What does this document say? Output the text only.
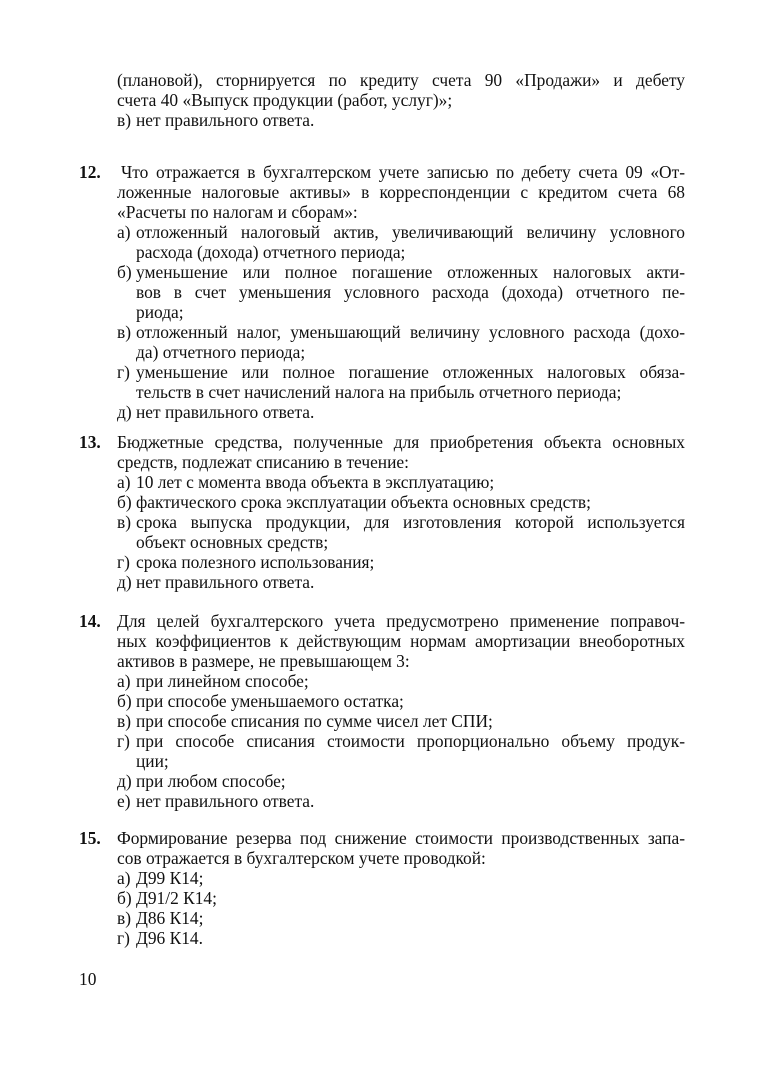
(плановой), сторнируется по кредиту счета 90 «Продажи» и дебету
счета 40 «Выпуск продукции (работ, услуг)»;
в) нет правильного ответа.
12. Что отражается в бухгалтерском учете записью по дебету счета 09 «От-
ложенные налоговые активы» в корреспонденции с кредитом счета 68
«Расчеты по налогам и сборам»:
а) отложенный налоговый актив, увеличивающий величину условного
расхода (дохода) отчетного периода;
б) уменьшение или полное погашение отложенных налоговых акти-
вов в счет уменьшения условного расхода (дохода) отчетного пе-
риода;
в) отложенный налог, уменьшающий величину условного расхода (дохо-
да) отчетного периода;
г) уменьшение или полное погашение отложенных налоговых обяза-
тельств в счет начислений налога на прибыль отчетного периода;
д) нет правильного ответа.
13. Бюджетные средства, полученные для приобретения объекта основных
средств, подлежат списанию в течение:
а) 10 лет с момента ввода объекта в эксплуатацию;
б) фактического срока эксплуатации объекта основных средств;
в) срока выпуска продукции, для изготовления которой используется
объект основных средств;
г) срока полезного использования;
д) нет правильного ответа.
14. Для целей бухгалтерского учета предусмотрено применение поправоч-
ных коэффициентов к действующим нормам амортизации внеоборотных
активов в размере, не превышающем 3:
а) при линейном способе;
б) при способе уменьшаемого остатка;
в) при способе списания по сумме чисел лет СПИ;
г) при способе списания стоимости пропорционально объему продук-
ции;
д) при любом способе;
е) нет правильного ответа.
15. Формирование резерва под снижение стоимости производственных запа-
сов отражается в бухгалтерском учете проводкой:
а) Д99 К14;
б) Д91/2 К14;
в) Д86 К14;
г) Д96 К14.
10
